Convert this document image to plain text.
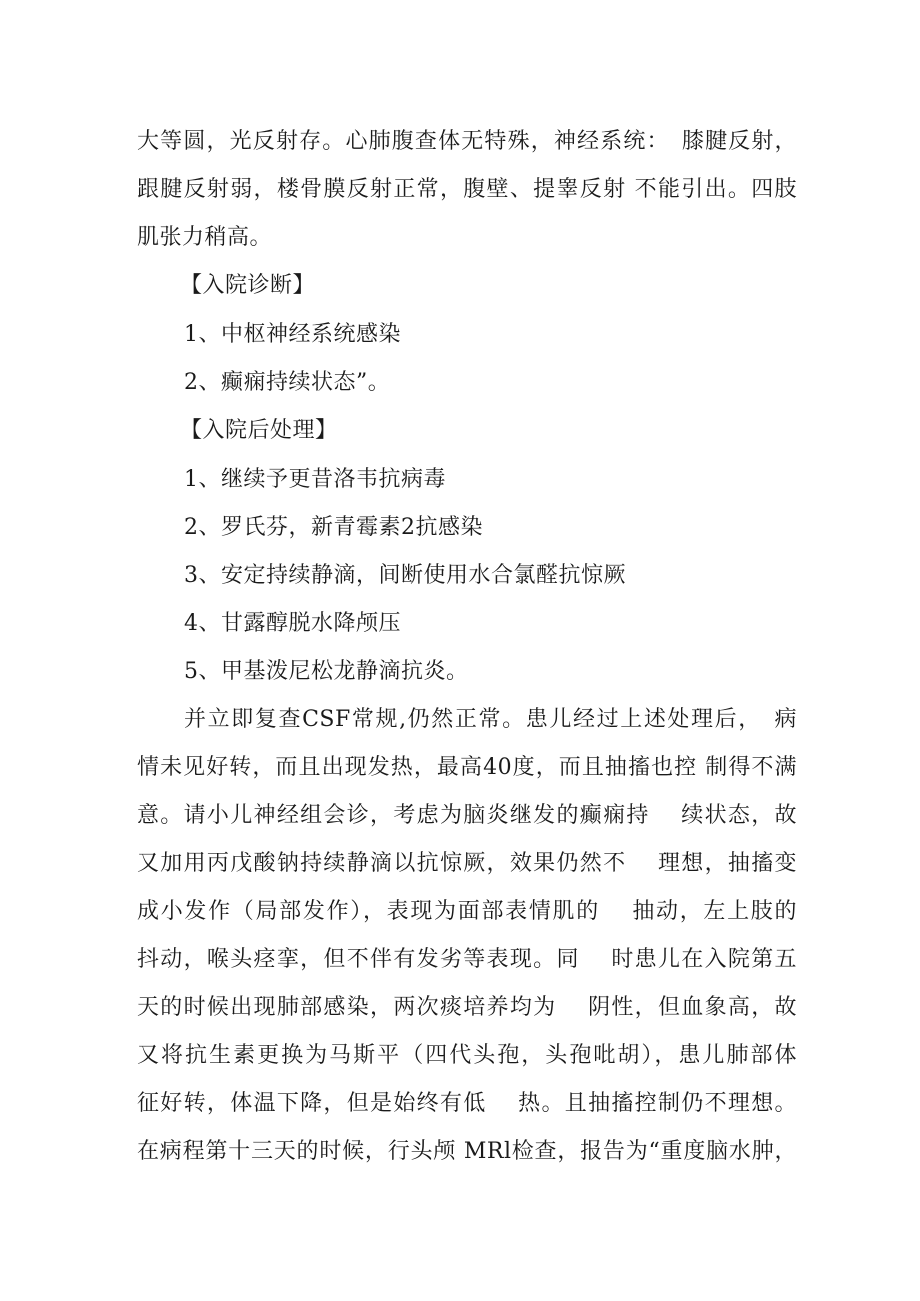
大等圆，光反射存。心肺腹查体无特殊，神经系统：　膝腱反射，
跟腱反射弱，楼骨膜反射正常，腹壁、提睾反射 不能引出。四肢
肌张力稍高。
【入院诊断】
1、中枢神经系统感染
2、癫痫持续状态”。
【入院后处理】
1、继续予更昔洛韦抗病毒
2、罗氏芬，新青霉素2抗感染
3、安定持续静滴，间断使用水合氯醛抗惊厥
4、甘露醇脱水降颅压
5、甲基泼尼松龙静滴抗炎。
并立即复查CSF常规,仍然正常。患儿经过上述处理后，　病
情未见好转，而且出现发热，最高40度，而且抽搐也控 制得不满
意。请小儿神经组会诊，考虑为脑炎继发的癫痫持　 续状态，故
又加用丙戊酸钠持续静滴以抗惊厥，效果仍然不　 理想，抽搐变
成小发作（局部发作），表现为面部表情肌的　 抽动，左上肢的
抖动，喉头痉挛，但不伴有发劣等表现。同　 时患儿在入院第五
天的时候出现肺部感染，两次痰培养均为　 阴性，但血象高，故
又将抗生素更换为马斯平（四代头孢，头孢吡胡），患儿肺部体
征好转，体温下降，但是始终有低　 热。且抽搐控制仍不理想。
在病程第十三天的时候，行头颅 MRl检查，报告为“重度脑水肿，
